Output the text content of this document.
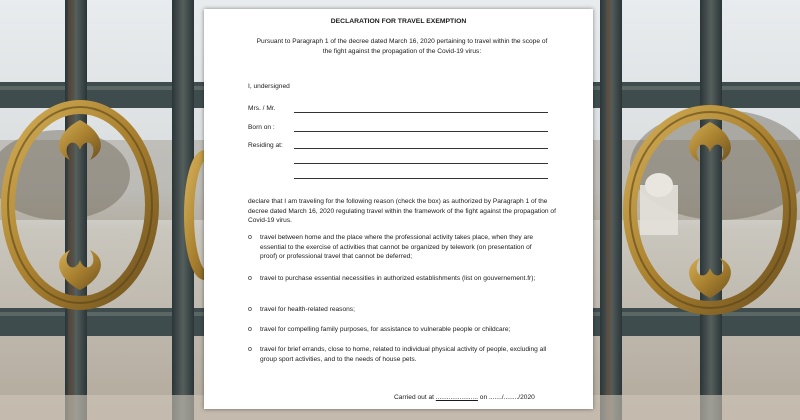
DECLARATION FOR TRAVEL EXEMPTION
Pursuant to Paragraph 1 of the decree dated March 16, 2020 pertaining to travel within the scope of the fight against the propagation of the Covid-19 virus:
I, undersigned
Mrs. / Mr.
Born on :
Residing at:
declare that I am traveling for the following reason (check the box) as authorized by Paragraph 1 of the decree dated March 16, 2020 regulating travel within the framework of the fight against the propagation of Covid-19 virus.
o travel between home and the place where the professional activity takes place, when they are essential to the exercise of activities that cannot be organized by telework (on presentation of proof) or professional travel that cannot be deferred;
o travel to purchase essential necessities in authorized establishments (list on gouvernement.fr);
o travel for health-related reasons;
o travel for compelling family purposes, for assistance to vulnerable people or childcare;
o travel for brief errands, close to home, related to individual physical activity of people, excluding all group sport activities, and to the needs of house pets.
Carried out at ....................... on ......./......../2020
